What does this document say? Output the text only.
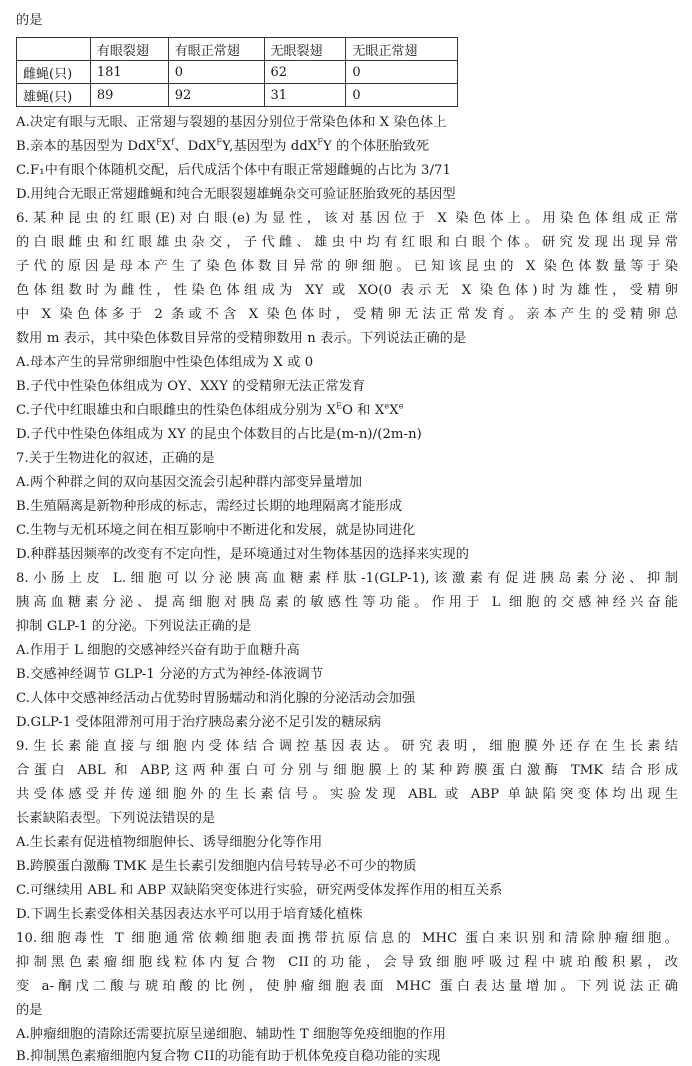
的是
	有眼裂翅	有眼正常翅	无眼裂翅	无眼正常翅
雌蝇(只)	181	0	62	0
雄蝇(只)	89	92	31	0
A.决定有眼与无眼、正常翅与裂翅的基因分别位于常染色体和 X 染色体上
B.亲本的基因型为 $DdX^FX^f$、DdX$^F$Y,基因型为 ddX$^F$Y 的个体胚胎致死
C.F₁中有眼个体随机交配，后代成活个体中有眼正常翅雌蝇的占比为 3/71
D.用纯合无眼正常翅雌蝇和纯合无眼裂翅雄蝇杂交可验证胚胎致死的基因型
6.某种昆虫的红眼(E)对白眼(e)为显性，该对基因位于 X 染色体上。用染色体组成正常
的白眼雌虫和红眼雄虫杂交，子代雌、雄虫中均有红眼和白眼个体。研究发现出现异常
子代的原因是母本产生了染色体数目异常的卵细胞。已知该昆虫的 X 染色体数量等于染
色体组数时为雌性，性染色体组成为 XY 或 XO(0 表示无 X 染色体)时为雄性，受精卵
中 X 染色体多于 2 条或不含 X 染色体时，受精卵无法正常发育。亲本产生的受精卵总
数用 m 表示，其中染色体数目异常的受精卵数用 n 表示。下列说法正确的是
A.母本产生的异常卵细胞中性染色体组成为 X 或 0
B.子代中性染色体组成为 OY、XXY 的受精卵无法正常发育
C.子代中红眼雄虫和白眼雌虫的性染色体组成分别为 $X^EO$ 和 XeXe
D.子代中性染色体组成为 XY 的昆虫个体数目的占比是(m-n)/(2m-n)
7.关于生物进化的叙述，正确的是
A.两个种群之间的双向基因交流会引起种群内部变异量增加
B.生殖隔离是新物种形成的标志，需经过长期的地理隔离才能形成
C.生物与无机环境之间在相互影响中不断进化和发展，就是协同进化
D.种群基因频率的改变有不定向性，是环境通过对生物体基因的选择来实现的
8.小肠上皮 L.细胞可以分泌胰高血糖素样肽-1(GLP-1),该激素有促进胰岛素分泌、抑制
胰高血糖素分泌、提高细胞对胰岛素的敏感性等功能。作用于 L 细胞的交感神经兴奋能
抑制 GLP-1 的分泌。下列说法正确的是
A.作用于 L 细胞的交感神经兴奋有助于血糖升高
B.交感神经调节 GLP-1 分泌的方式为神经-体液调节
C.人体中交感神经活动占优势时胃肠蠕动和消化腺的分泌活动会加强
D.GLP-1 受体阻滞剂可用于治疗胰岛素分泌不足引发的糖尿病
9.生长素能直接与细胞内受体结合调控基因表达。研究表明，细胞膜外还存在生长素结
合蛋白 ABL 和 ABP,这两种蛋白可分别与细胞膜上的某种跨膜蛋白激酶 TMK 结合形成
共受体感受并传递细胞外的生长素信号。实验发现 ABL 或 ABP 单缺陷突变体均出现生
长素缺陷表型。下列说法错误的是
A.生长素有促进植物细胞伸长、诱导细胞分化等作用
B.跨膜蛋白激酶 TMK 是生长素引发细胞内信号转导必不可少的物质
C.可继续用 ABL 和 ABP 双缺陷突变体进行实验，研究两受体发挥作用的相互关系
D.下调生长素受体相关基因表达水平可以用于培育矮化植株
10.细胞毒性 T 细胞通常依赖细胞表面携带抗原信息的 MHC 蛋白来识别和清除肿瘤细胞。
抑制黑色素瘤细胞线粒体内复合物 CII的功能，会导致细胞呼吸过程中琥珀酸积累，改
变 a-酮戊二酸与琥珀酸的比例，使肿瘤细胞表面 MHC 蛋白表达量增加。下列说法正确
的是
A.肿瘤细胞的清除还需要抗原呈递细胞、辅助性 T 细胞等免疫细胞的作用
B.抑制黑色素瘤细胞内复合物 CII的功能有助于机体免疫自稳功能的实现
